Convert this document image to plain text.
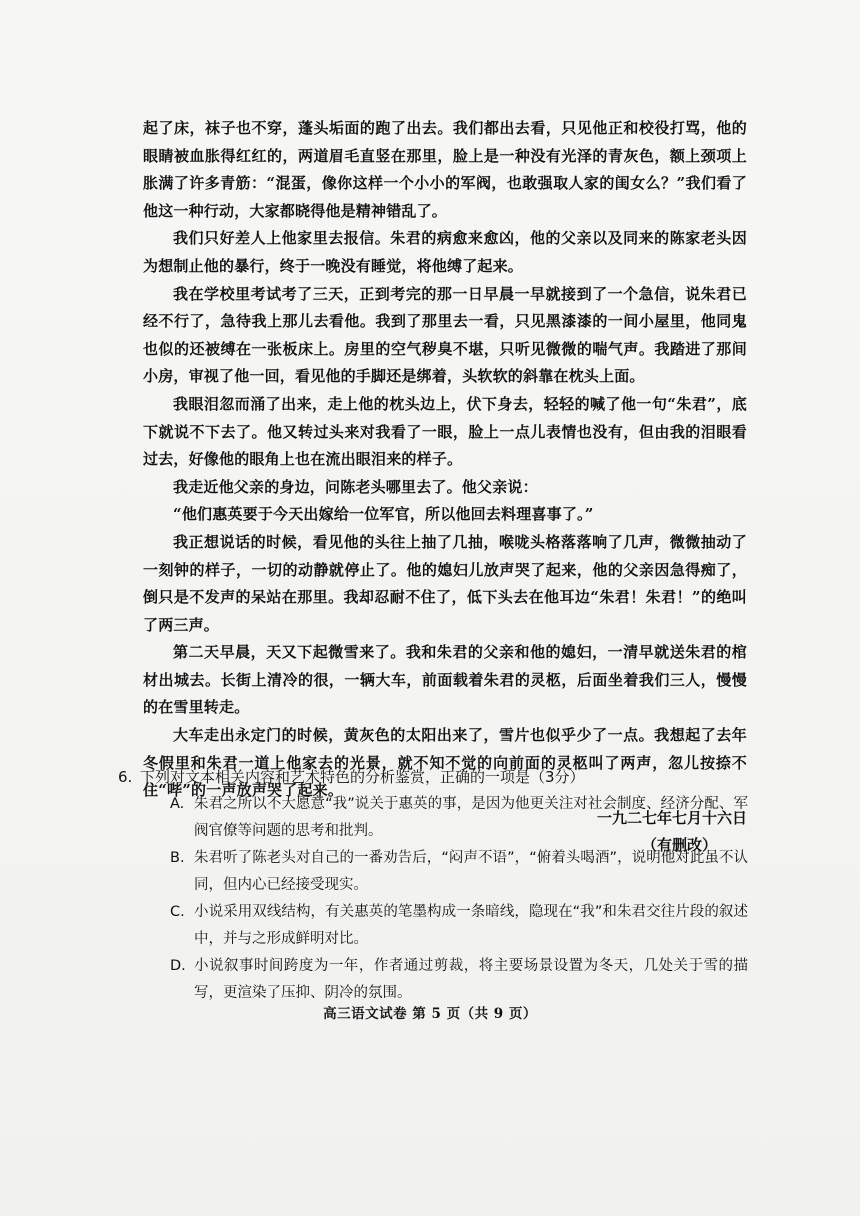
起了床，袜子也不穿，蓬头垢面的跑了出去。我们都出去看，只见他正和校役打骂，他的眼睛被血胀得红红的，两道眉毛直竖在那里，脸上是一种没有光泽的青灰色，额上颈项上胀满了许多青筋：“混蛋，像你这样一个小小的军阀，也敢强取人家的闺女么？”我们看了他这一种行动，大家都晓得他是精神错乱了。

我们只好差人上他家里去报信。朱君的病愈来愈凶，他的父亲以及同来的陈家老头因为想制止他的暴行，终于一晚没有睡觉，将他缚了起来。

我在学校里考试考了三天，正到考完的那一日早晨一早就接到了一个急信，说朱君已经不行了，急待我上那儿去看他。我到了那里去一看，只见黑漆漆的一间小屋里，他同鬼也似的还被缚在一张板床上。房里的空气秽臭不堪，只听见微微的喘气声。我踏进了那间小房，审视了他一回，看见他的手脚还是绑着，头软软的斜靠在枕头上面。

我眼泪忽而涌了出来，走上他的枕头边上，伏下身去，轻轻的喊了他一句“朱君”，底下就说不下去了。他又转过头来对我看了一眼，脸上一点儿表情也没有，但由我的泪眼看过去，好像他的眼角上也在流出眼泪来的样子。

我走近他父亲的身边，问陈老头哪里去了。他父亲说：

“他们惠英要于今天出嫁给一位军官，所以他回去料理喜事了。”

我正想说话的时候，看见他的头往上抽了几抽，喉咙头格落落响了几声，微微抽动了一刻钟的样子，一切的动静就停止了。他的媳妇儿放声哭了起来，他的父亲因急得痴了，倒只是不发声的呆站在那里。我却忍耐不住了，低下头去在他耳边“朱君！朱君！”的绝叫了两三声。

第二天早晨，天又下起微雪来了。我和朱君的父亲和他的媳妇，一清早就送朱君的棺材出城去。长街上清冷的很，一辆大车，前面载着朱君的灵柩，后面坐着我们三人，慢慢的在雪里转走。

大车走出永定门的时候，黄灰色的太阳出来了，雪片也似乎少了一点。我想起了去年冬假里和朱君一道上他家去的光景，就不知不觉的向前面的灵柩叫了两声，忽儿按捺不住“哔”的一声放声哭了起来。

一九二七年七月十六日

（有删改）

6. 下列对文本相关内容和艺术特色的分析鉴赏，正确的一项是（3分）

A. 朱君之所以不大愿意“我”说关于惠英的事，是因为他更关注对社会制度、经济分配、军阀官僚等问题的思考和批判。
B. 朱君听了陈老头对自己的一番劝告后，“闷声不语”，“俯着头喝酒”，说明他对此虽不认同，但内心已经接受现实。
C. 小说采用双线结构，有关惠英的笔墨构成一条暗线，隐现在“我”和朱君交往片段的叙述中，并与之形成鲜明对比。
D. 小说叙事时间跨度为一年，作者通过剪裁，将主要场景设置为冬天，几处关于雪的描写，更渲染了压抑、阴冷的氛围。
高三语文试卷 第 5 页（共 9 页）
